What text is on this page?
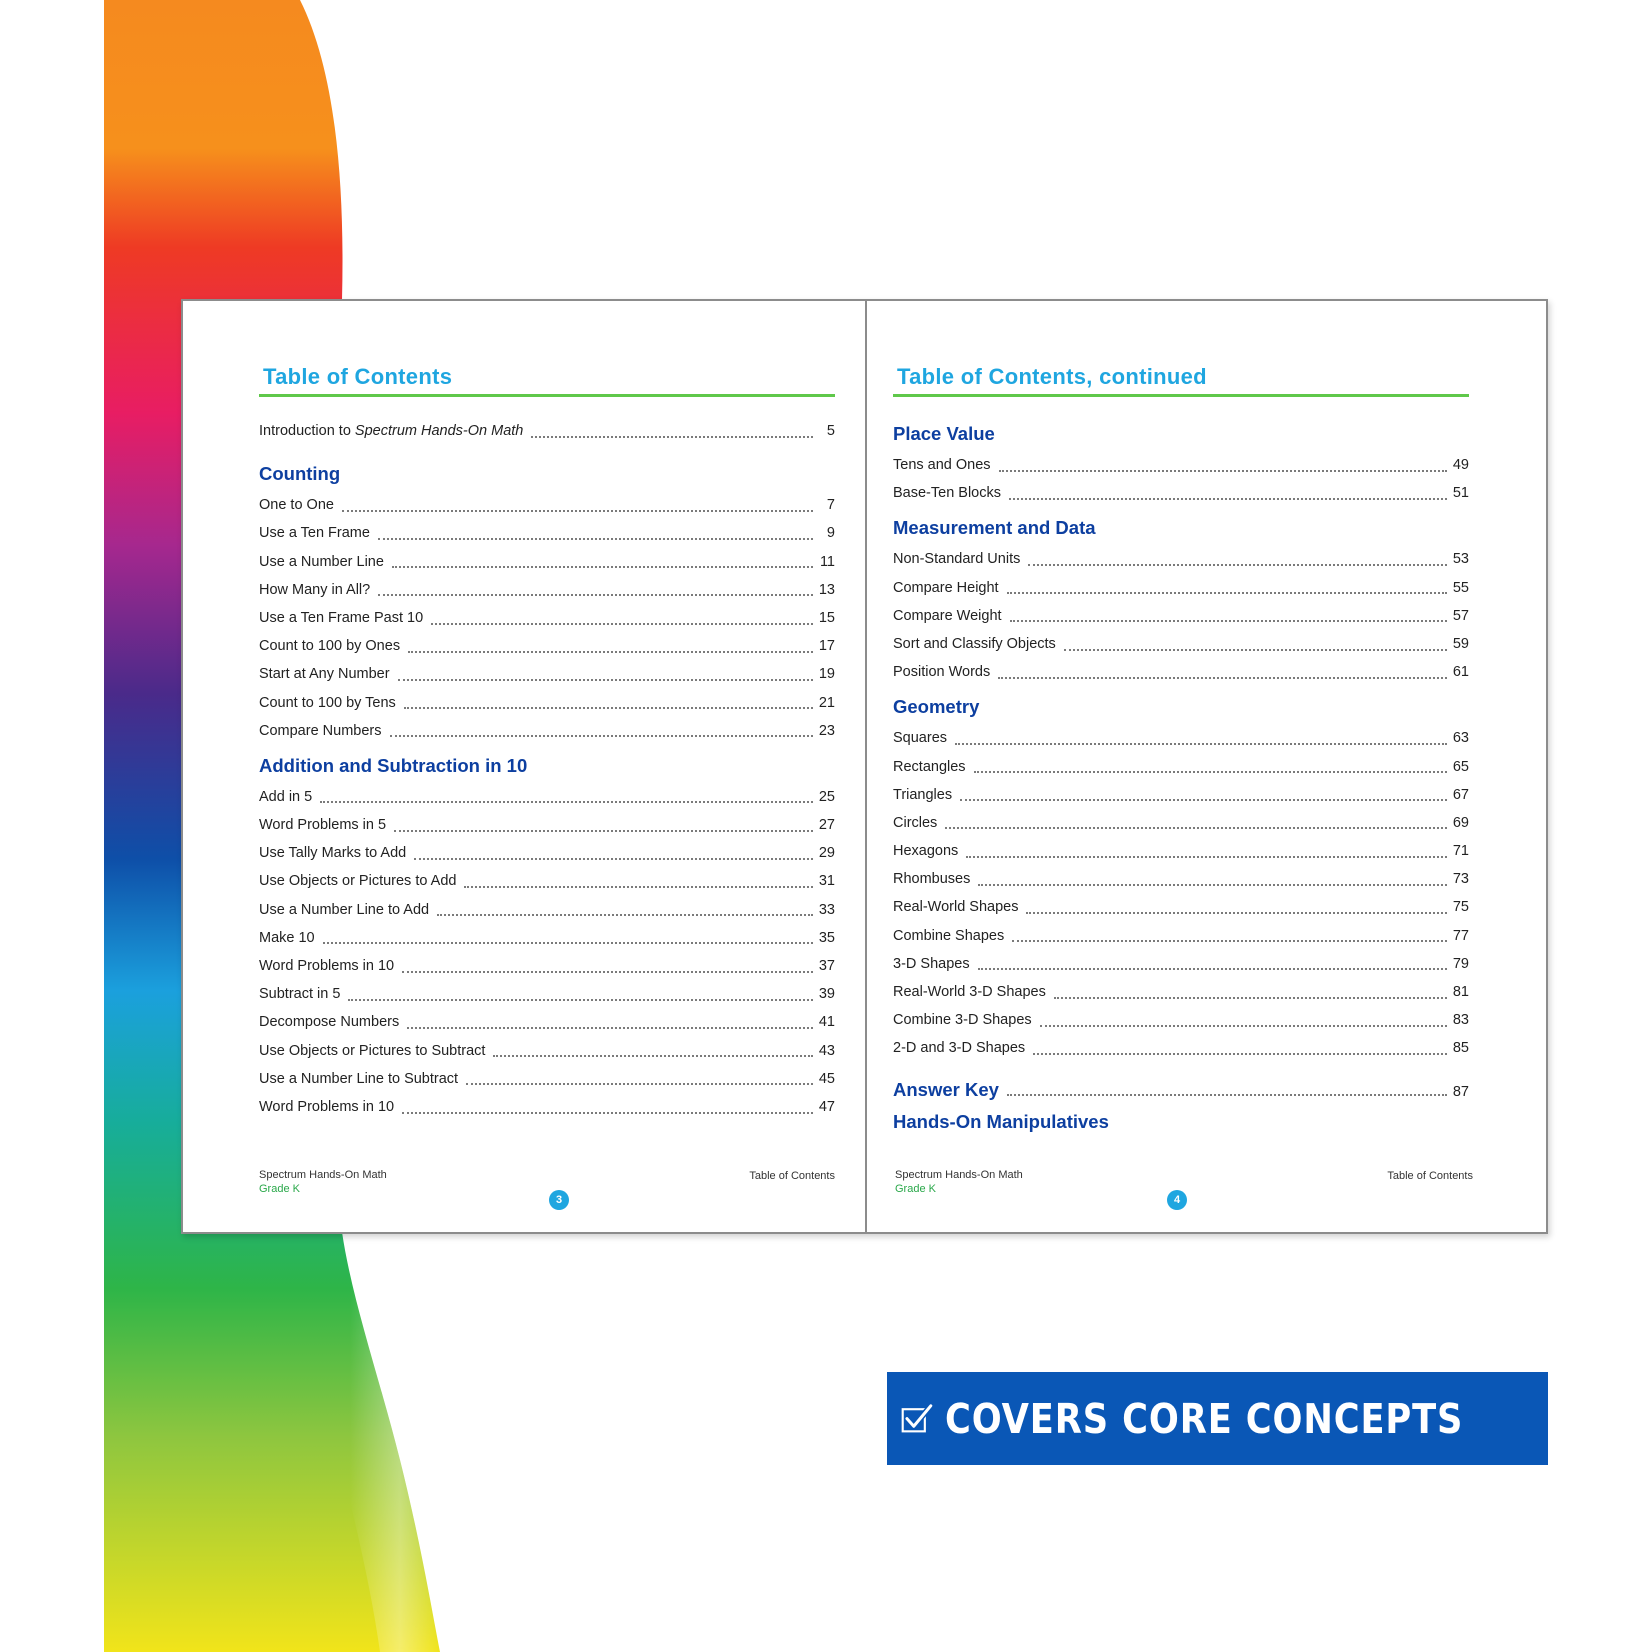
Table of Contents
Introduction to Spectrum Hands-On Math	5
Counting
One to One	7
Use a Ten Frame	9
Use a Number Line	11
How Many in All?	13
Use a Ten Frame Past 10	15
Count to 100 by Ones	17
Start at Any Number	19
Count to 100 by Tens	21
Compare Numbers	23
Addition and Subtraction in 10
Add in 5	25
Word Problems in 5	27
Use Tally Marks to Add	29
Use Objects or Pictures to Add	31
Use a Number Line to Add	33
Make 10	35
Word Problems in 10	37
Subtract in 5	39
Decompose Numbers	41
Use Objects or Pictures to Subtract	43
Use a Number Line to Subtract	45
Word Problems in 10	47
Spectrum Hands-On Math
Grade K
3
Table of Contents
Table of Contents, continued
Place Value
Tens and Ones	49
Base-Ten Blocks	51
Measurement and Data
Non-Standard Units	53
Compare Height	55
Compare Weight	57
Sort and Classify Objects	59
Position Words	61
Geometry
Squares	63
Rectangles	65
Triangles	67
Circles	69
Hexagons	71
Rhombuses	73
Real-World Shapes	75
Combine Shapes	77
3-D Shapes	79
Real-World 3-D Shapes	81
Combine 3-D Shapes	83
2-D and 3-D Shapes	85
Answer Key	87
Hands-On Manipulatives
Spectrum Hands-On Math
Grade K
4
Table of Contents
COVERS CORE CONCEPTS
